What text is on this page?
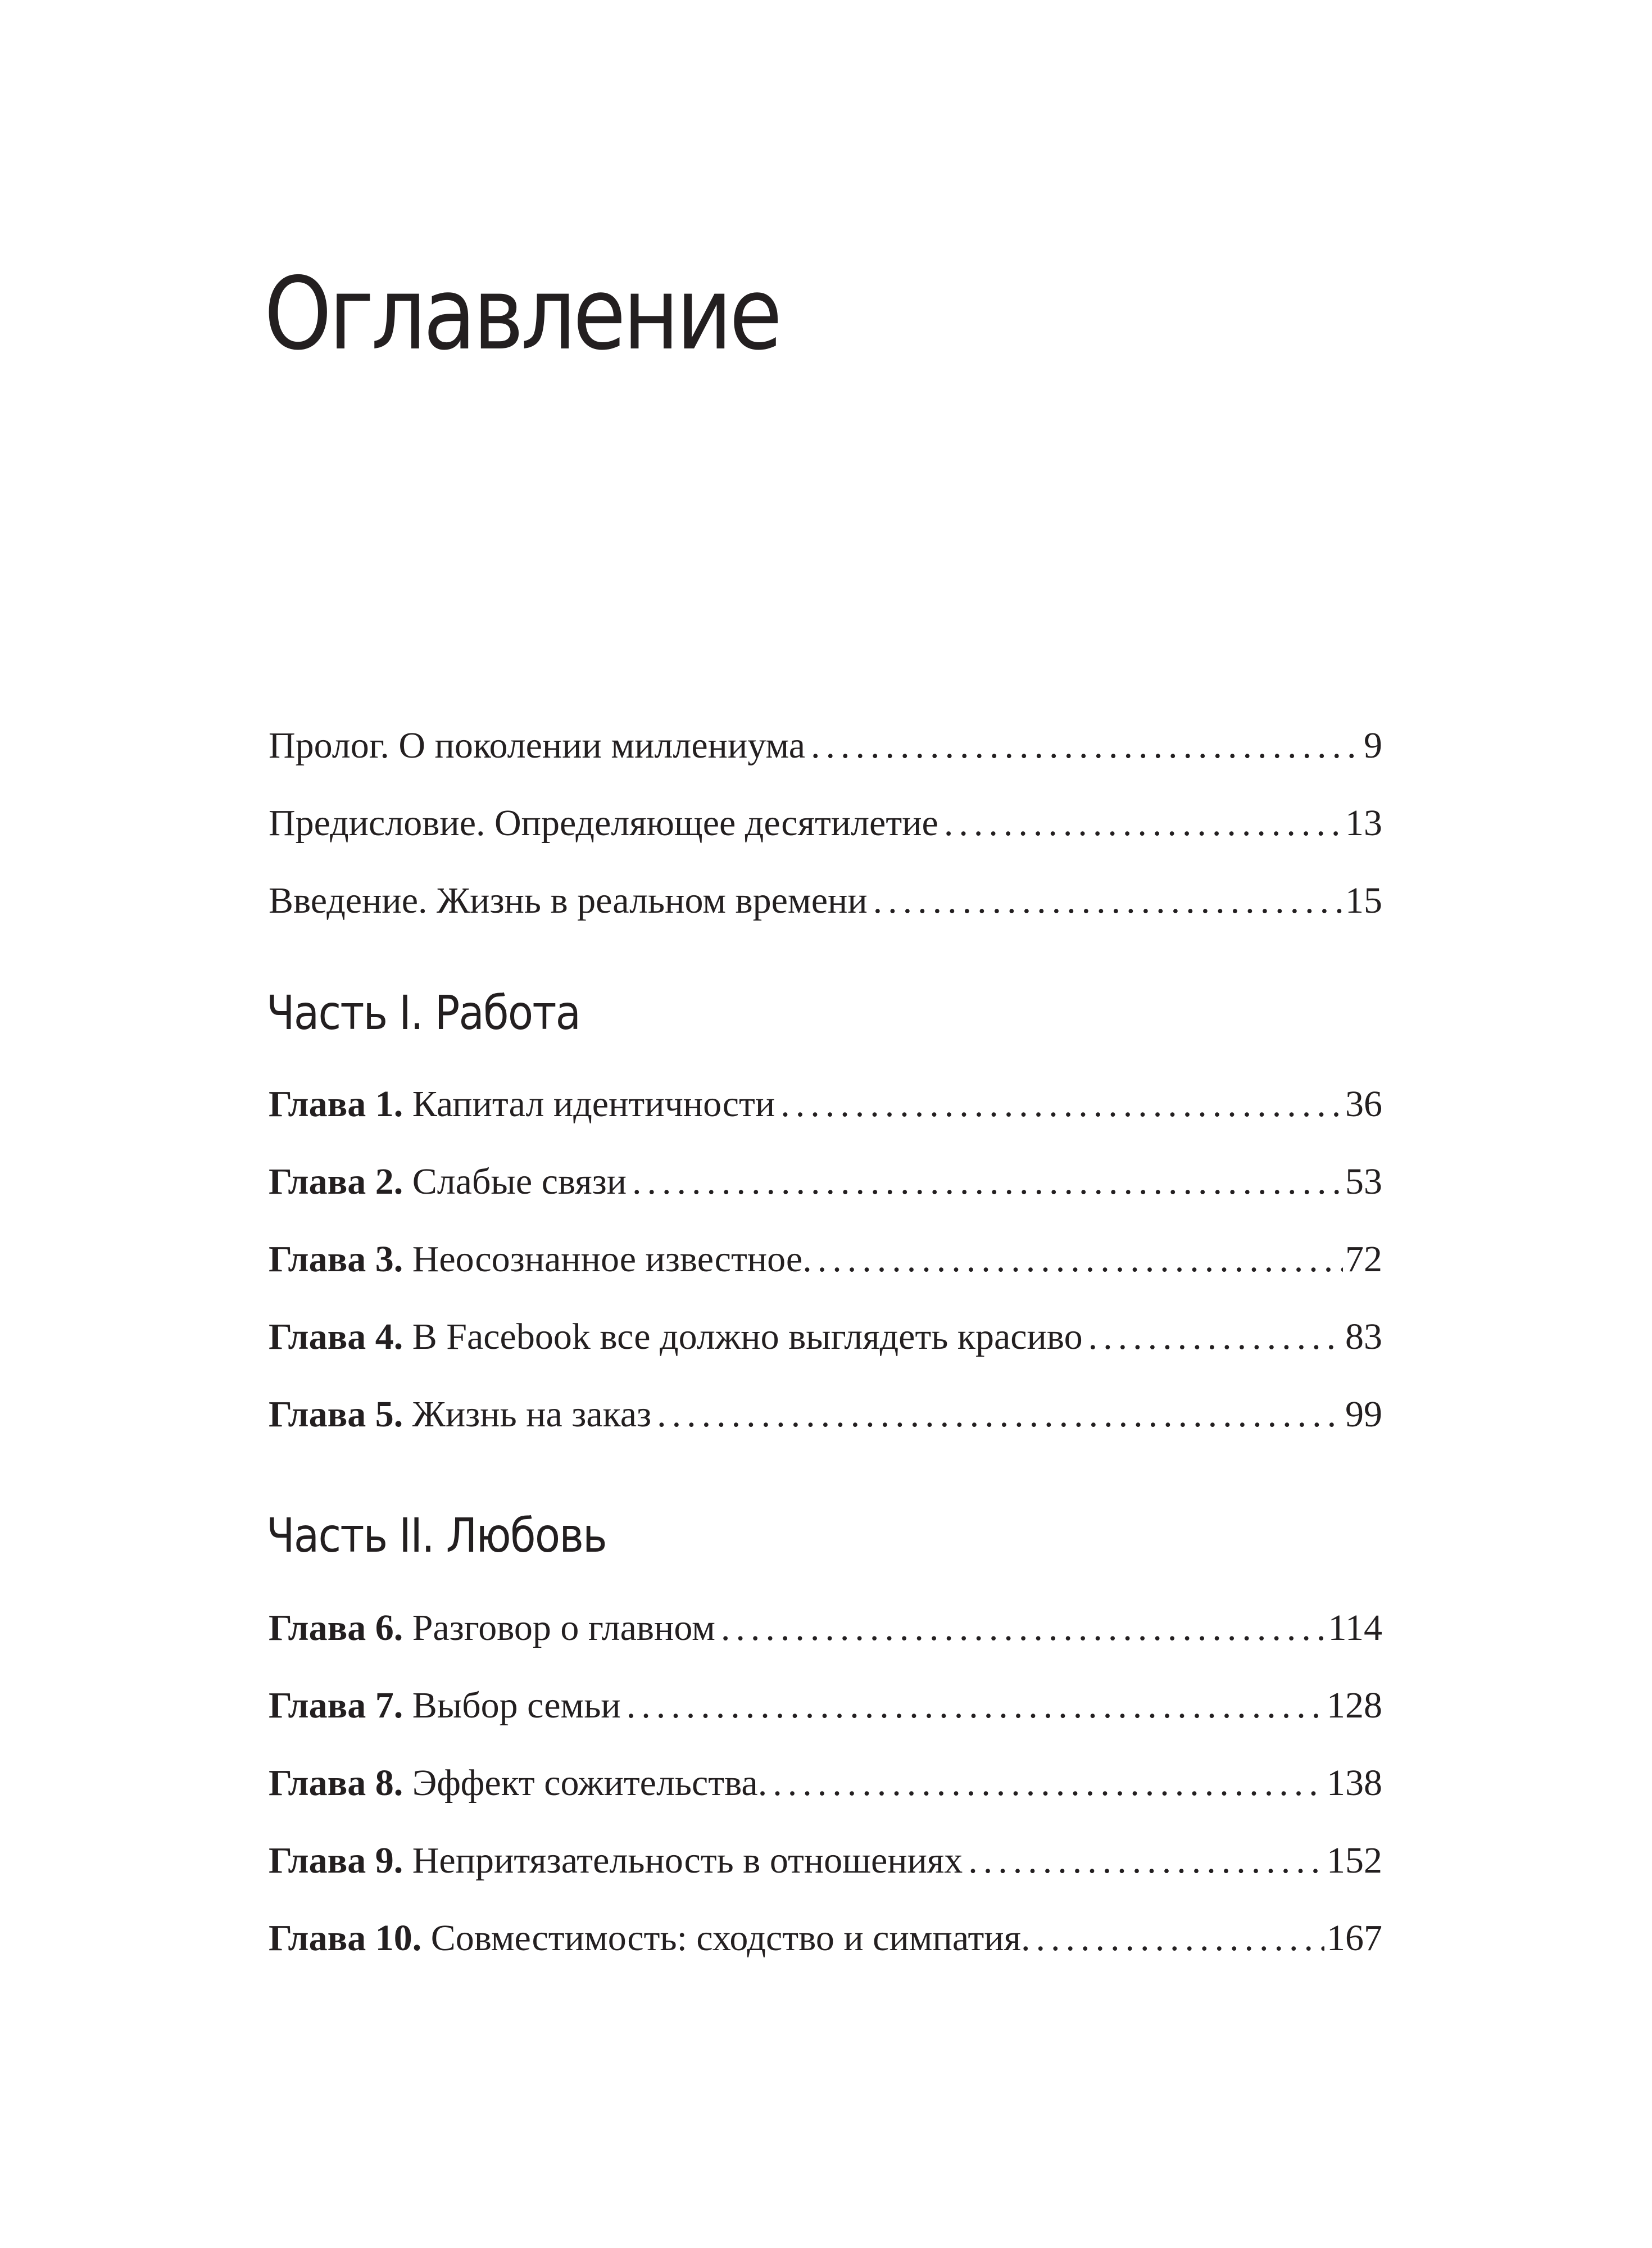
Оглавление
Пролог. О поколении миллениума .....	9
Предисловие. Определяющее десятилетие .....	13
Введение. Жизнь в реальном времени .....	15
Часть I. Работа
Глава 1. Капитал идентичности .....	36
Глава 2. Слабые связи .....	53
Глава 3. Неосознанное известное. .....	72
Глава 4. В Facebook все должно выглядеть красиво .....	83
Глава 5. Жизнь на заказ .....	99
Часть II. Любовь
Глава 6. Разговор о главном .....	114
Глава 7. Выбор семьи .....	128
Глава 8. Эффект сожительства. .....	138
Глава 9. Непритязательность в отношениях .....	152
Глава 10. Совместимость: сходство и симпатия. .....	167
